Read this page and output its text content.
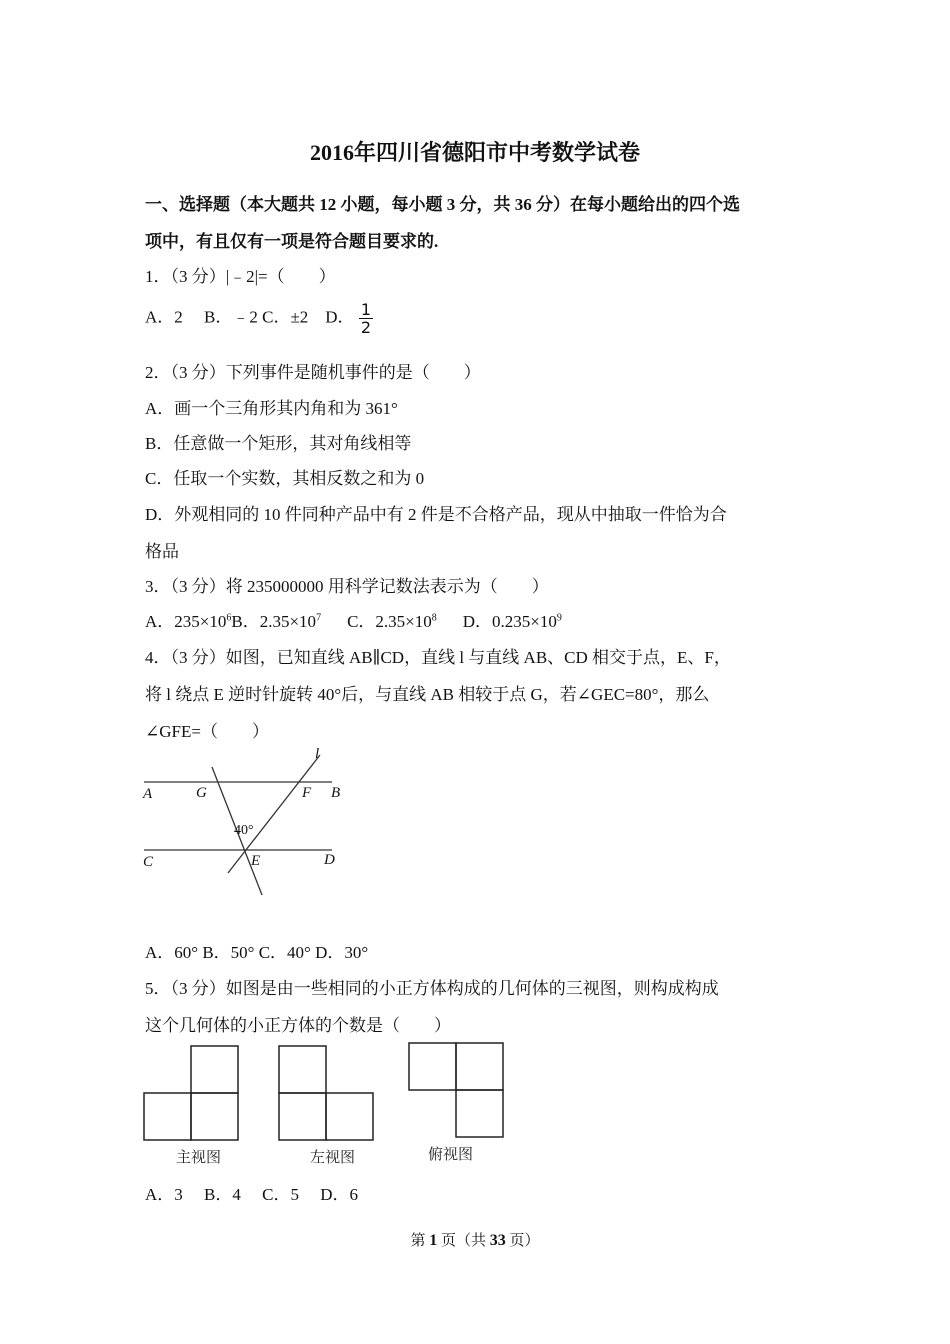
2016年四川省德阳市中考数学试卷
一、选择题（本大题共 12 小题，每小题 3 分，共 36 分）在每小题给出的四个选
项中，有且仅有一项是符合题目要求的.
1．（3 分）|﹣2|=（　　）
A．2　 B．﹣2 C．±2　D． $\frac{1}{2}$
2．（3 分）下列事件是随机事件的是（　　）
A．画一个三角形其内角和为 361°
B．任意做一个矩形，其对角线相等
C．任取一个实数，其相反数之和为 0
D．外观相同的 10 件同种产品中有 2 件是不合格产品，现从中抽取一件恰为合
格品
3．（3 分）将 235000000 用科学记数法表示为（　　）
A．$235\times 10^6B$．$2.35\times 10^7$ C．$2.35\times 10^8$ D．$0.235\times 10^9$
4．（3 分）如图，已知直线 AB∥CD，直线 l 与直线 AB、CD 相交于点，E、F，
将 l 绕点 E 逆时针旋转 40°后，与直线 AB 相较于点 G，若∠GEC=80°，那么
∠GFE=（　　）
A	G	F B
l
40°
C	E	D
A．60° B．50° C．40° D．30°
5．（3 分）如图是由一些相同的小正方体构成的几何体的三视图，则构成构成
这个几何体的小正方体的个数是（　　）
主视图	左视图	俯视图
A．3　 B．4　 C．5　 D．6
第 1 页（共 33 页）
